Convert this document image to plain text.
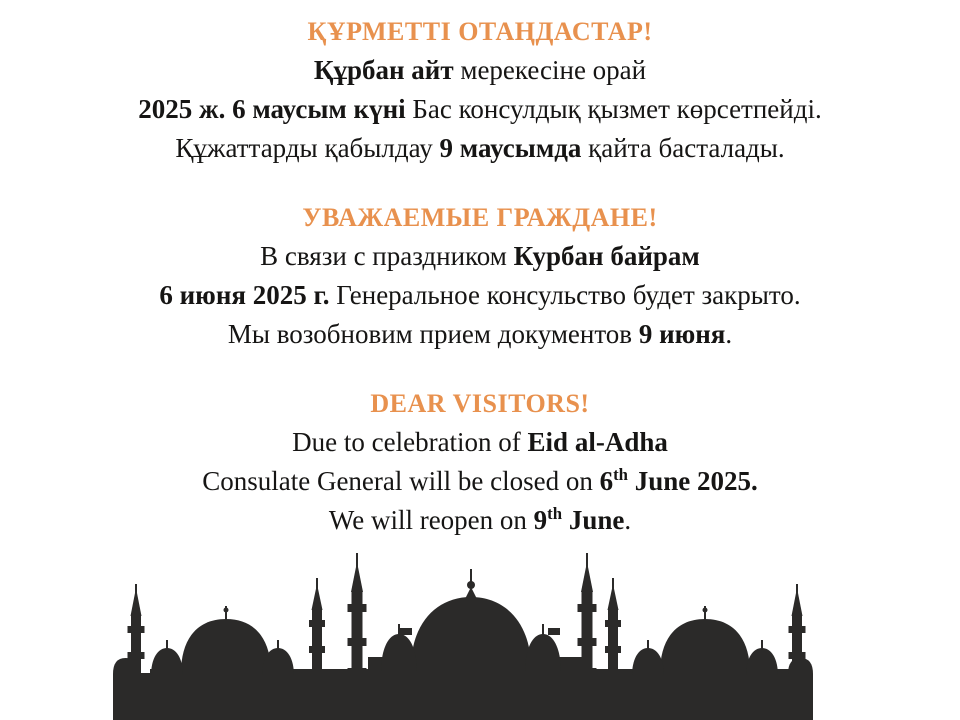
ҚҰРМЕТТІ ОТАҢДАСТАР!

Құрбан айт мерекесіне орай

2025 ж. 6 маусым күні Бас консулдық қызмет көрсетпейді.

Құжаттарды қабылдау 9 маусымда қайта басталады.

УВАЖАЕМЫЕ ГРАЖДАНЕ!

В связи с праздником Курбан байрам

6 июня 2025 г. Генеральное консульство будет закрыто.

Мы возобновим прием документов 9 июня.

DEAR VISITORS!

Due to celebration of Eid al-Adha

Consulate General will be closed on 6th June 2025.

We will reopen on 9th June.
